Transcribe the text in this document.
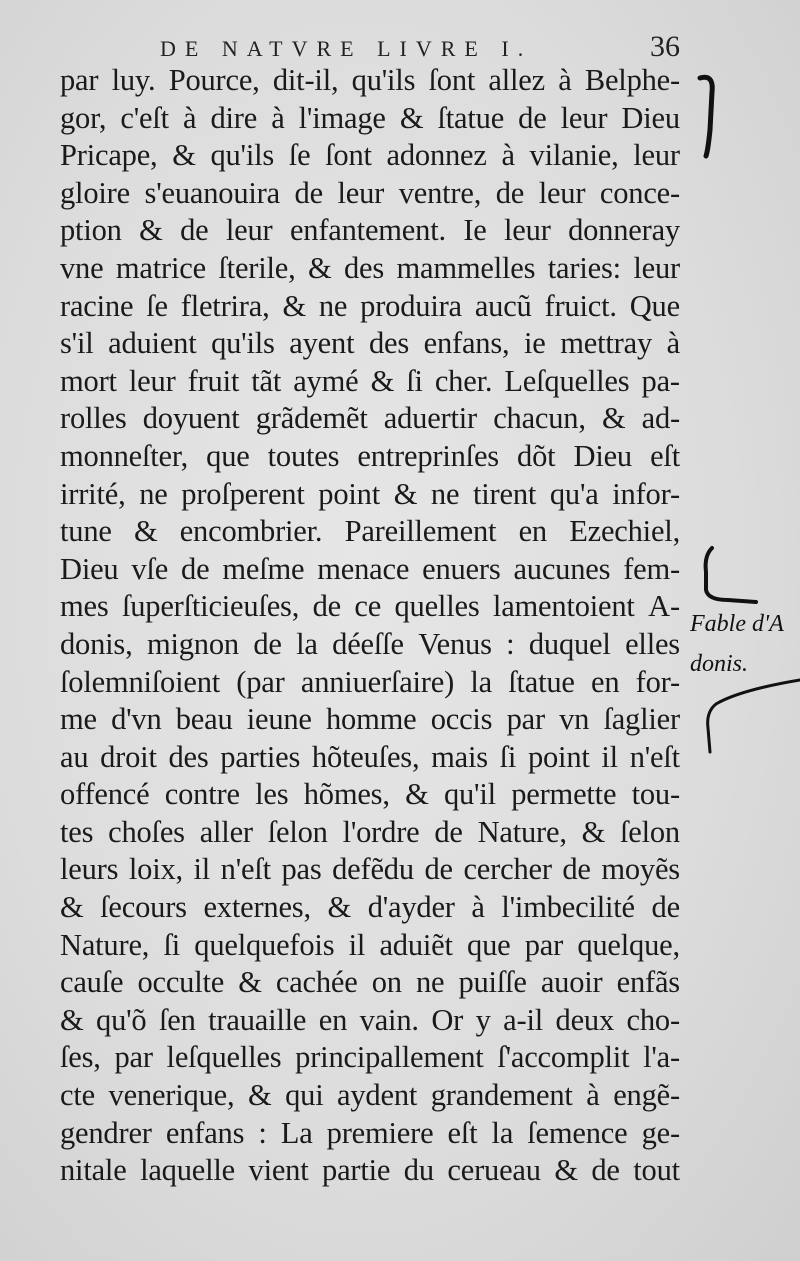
DE NATVRE LIVRE I.	36
par luy. Pource, dit-il, qu'ils ſont allez à Belphe-
gor, c'eſt à dire à l'image & ſtatue de leur Dieu
Pricape, & qu'ils ſe ſont adonnez à vilanie, leur
gloire s'euanouira de leur ventre, de leur conce-
ption & de leur enfantement. Ie leur donneray
vne matrice ſterile, & des mammelles taries: leur
racine ſe fletrira, & ne produira aucũ fruict. Que
s'il aduient qu'ils ayent des enfans, ie mettray à
mort leur fruit tãt aymé & ſi cher. Leſquelles pa-
rolles doyuent grãdemẽt aduertir chacun, & ad-
monneſter, que toutes entreprinſes dõt Dieu eſt
irrité, ne proſperent point & ne tirent qu'a infor-
tune & encombrier. Pareillement en Ezechiel,
Dieu vſe de meſme menace enuers aucunes fem-
mes ſuperſticieuſes, de ce quelles lamentoient A-
donis, mignon de la déeſſe Venus : duquel elles
ſolemniſoient (par anniuerſaire) la ſtatue en for-
me d'vn beau ieune homme occis par vn ſaglier
au droit des parties hõteuſes, mais ſi point il n'eſt
offencé contre les hõmes, & qu'il permette tou-
tes choſes aller ſelon l'ordre de Nature, & ſelon
leurs loix, il n'eſt pas defẽdu de cercher de moyẽs
& ſecours externes, & d'ayder à l'imbecilité de
Nature, ſi quelquefois il aduiẽt que par quelque,
cauſe occulte & cachée on ne puiſſe auoir enfãs
& qu'õ ſen trauaille en vain. Or y a-il deux cho-
ſes, par leſquelles principallement ſ'accomplit l'a-
cte venerique, & qui aydent grandement à engẽ-
gendrer enfans : La premiere eſt la ſemence ge-
nitale laquelle vient partie du cerueau & de tout
Fable d'A
donis.
